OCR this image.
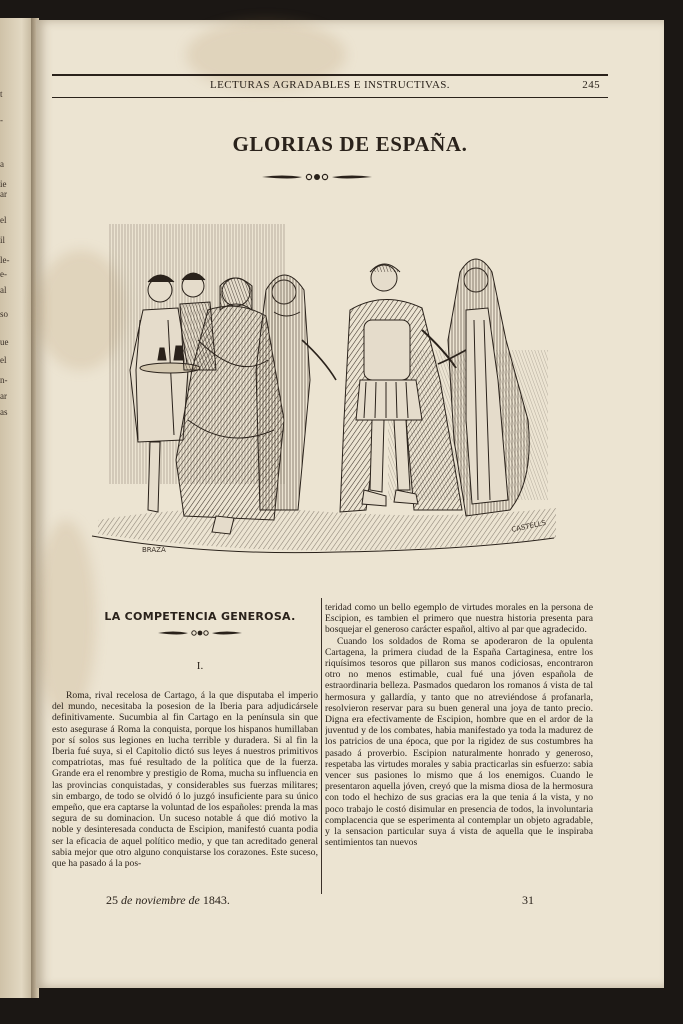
t
-
a
ie
ar
el
il
le-
e-
al
so
ue
el
n-
ar
as
LECTURAS AGRADABLES E INSTRUCTIVAS.	245
GLORIAS DE ESPAÑA.
BRAZA
CASTELLS
LA COMPETENCIA GENEROSA.
I.
Roma, rival recelosa de Cartago, á la que disputaba el imperio del mundo, necesitaba la posesion de la Iberia para adjudicársele definitivamente. Sucumbia al fin Cartago en la península sin que esto asegurase á Roma la conquista, porque los hispanos humillaban por sí solos sus legiones en lucha terrible y duradera. Si al fin la Iberia fué suya, si el Capitolio dictó sus leyes á nuestros primitivos compatriotas, mas fué resultado de la política que de la fuerza. Grande era el renombre y prestigio de Roma, mucha su influencia en las provincias conquistadas, y considerables sus fuerzas militares; sin embargo, de todo se olvidó ó lo juzgó insuficiente para su único empeño, que era captarse la voluntad de los españoles: prenda la mas segura de su dominacion. Un suceso notable á que dió motivo la noble y desinteresada conducta de Escipion, manifestó cuanta podia ser la eficacia de aquel político medio, y que tan acreditado general sabia mejor que otro alguno conquistarse los corazones. Este suceso, que ha pasado á la pos-

teridad como un bello egemplo de virtudes morales en la persona de Escipion, es tambien el primero que nuestra historia presenta para bosquejar el generoso carácter español, altivo al par que agradecido.

Cuando los soldados de Roma se apoderaron de la opulenta Cartagena, la primera ciudad de la España Cartaginesa, entre los riquísimos tesoros que pillaron sus manos codiciosas, encontraron otro no menos estimable, cual fué una jóven española de estraordinaria belleza. Pasmados quedaron los romanos á vista de tal hermosura y gallardía, y tanto que no atreviéndose á profanarla, resolvieron reservar para su buen general una joya de tanto precio. Digna era efectivamente de Escipion, hombre que en el ardor de la juventud y de los combates, habia manifestado ya toda la madurez de los patricios de una época, que por la rigidez de sus costumbres ha pasado á proverbio. Escipion naturalmente honrado y generoso, respetaba las virtudes morales y sabia practicarlas sin esfuerzo: sabia vencer sus pasiones lo mismo que á los enemigos. Cuando le presentaron aquella jóven, creyó que la misma diosa de la hermosura con todo el hechizo de sus gracias era la que tenia á la vista, y no poco trabajo le costó disimular en presencia de todos, la involuntaria complacencia que se esperimenta al contemplar un objeto agradable, y la sensacion particular suya á vista de aquella que le inspiraba sentimientos tan nuevos

25 de noviembre de 1843.	31
